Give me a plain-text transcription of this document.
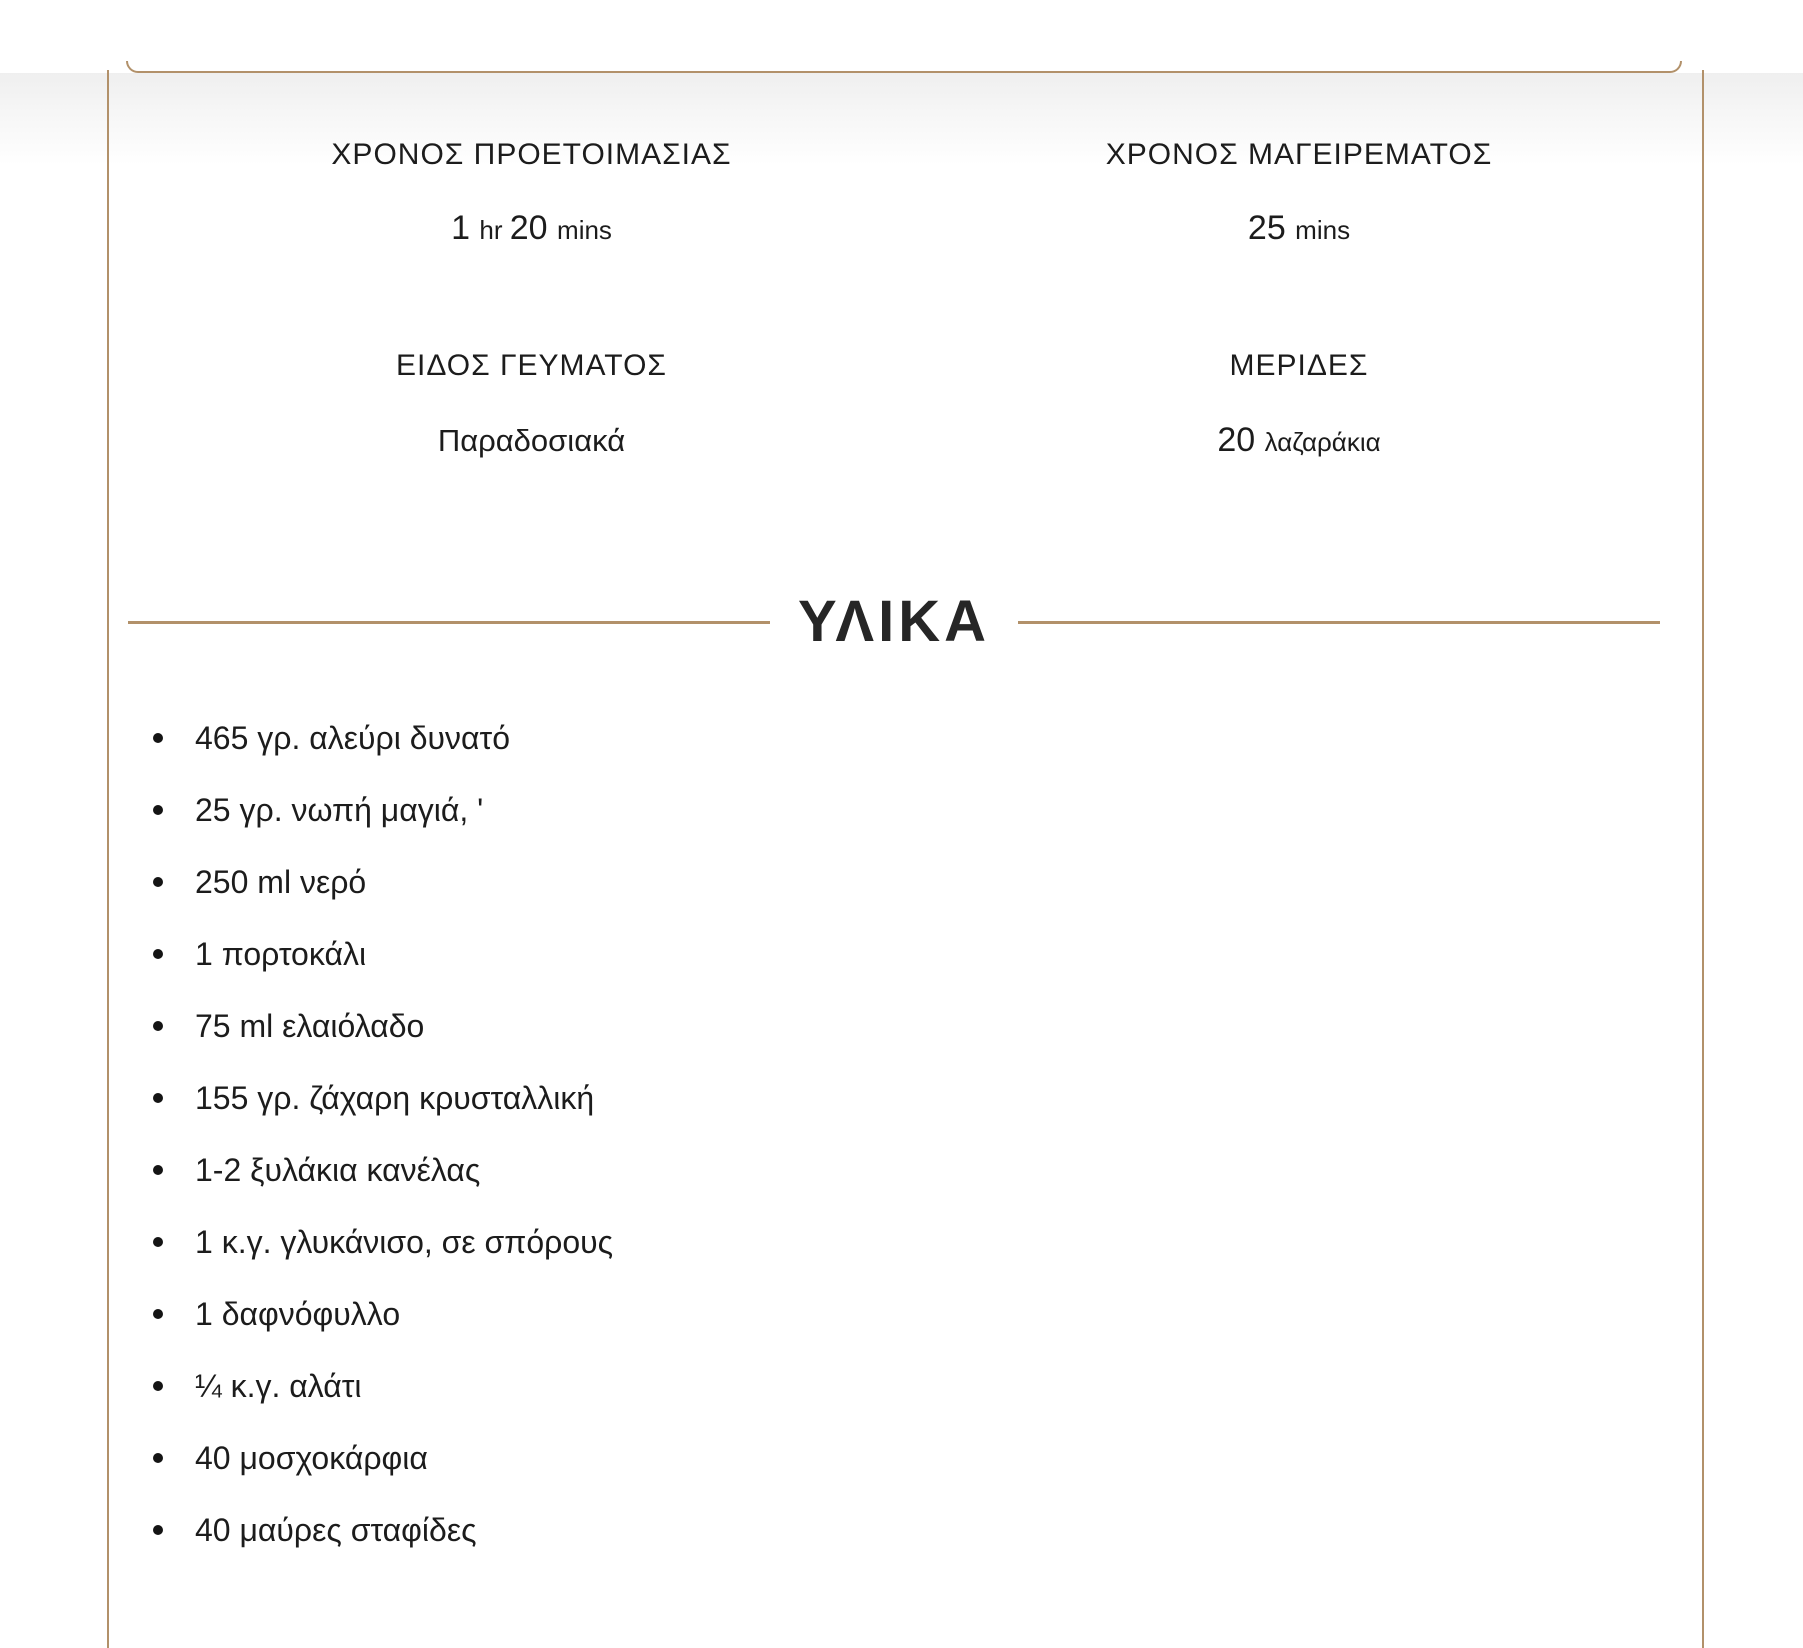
ΧΡΟΝΟΣ ΠΡΟΕΤΟΙΜΑΣΙΑΣ	ΧΡΟΝΟΣ ΜΑΓΕΙΡΕΜΑΤΟΣ
1 hr 20 mins	25 mins
ΕΙΔΟΣ ΓΕΥΜΑΤΟΣ	ΜΕΡΙΔΕΣ
Παραδοσιακά	20 λαζαράκια
ΥΛΙΚΑ
465 γρ. αλεύρι δυνατό
25 γρ. νωπή μαγιά, '
250 ml νερό
1 πορτοκάλι
75 ml ελαιόλαδο
155 γρ. ζάχαρη κρυσταλλική
1-2 ξυλάκια κανέλας
1 κ.γ. γλυκάνισο, σε σπόρους
1 δαφνόφυλλο
¼ κ.γ. αλάτι
40 μοσχοκάρφια
40 μαύρες σταφίδες
